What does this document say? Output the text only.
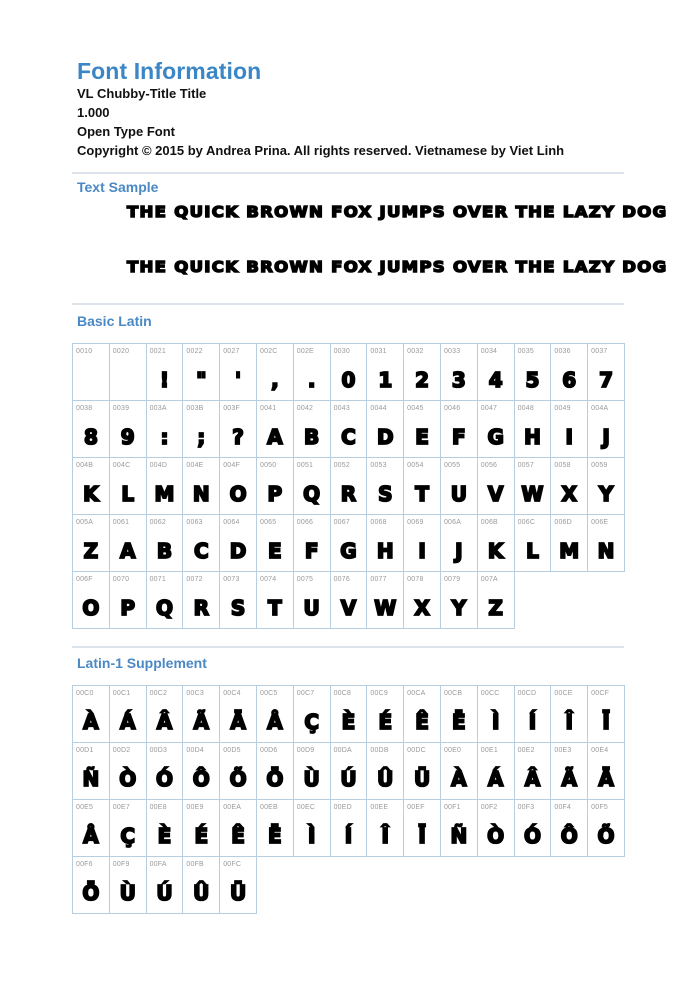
Font Information
VL Chubby-Title Title
1.000
Open Type Font
Copyright © 2015 by Andrea Prina. All rights reserved. Vietnamese by Viet Linh
Text Sample
THE QUICK BROWN FOX JUMPS OVER THE LAZY DOG
THE QUICK BROWN FOX JUMPS OVER THE LAZY DOG
Basic Latin
0010	0020	0021
!
0022
"
0027
'
002C
,
002E
.
0030
0
0031
1
0032
2
0033
3
0034
4
0035
5
0036
6
0037
7
0038
8
0039
9
003A
:
003B
;
003F
?
0041
A
0042
B
0043
C
0044
D
0045
E
0046
F
0047
G
0048
H
0049
I
004A
J
004B
K
004C
L
004D
M
004E
N
004F
O
0050
P
0051
Q
0052
R
0053
S
0054
T
0055
U
0056
V
0057
W
0058
X
0059
Y
005A
Z
0061
A
0062
B
0063
C
0064
D
0065
E
0066
F
0067
G
0068
H
0069
I
006A
J
006B
K
006C
L
006D
M
006E
N
006F
O
0070
P
0071
Q
0072
R
0073
S
0074
T
0075
U
0076
V
0077
W
0078
X
0079
Y
007A
Z
Latin-1 Supplement
00C0
À
00C1
Á
00C2
Â
00C3
Ã
00C4
Ä
00C5
Å
00C7
Ç
00C8
È
00C9
É
00CA
Ê
00CB
Ë
00CC
Ì
00CD
Í
00CE
Î
00CF
Ï
00D1
Ñ
00D2
Ò
00D3
Ó
00D4
Ô
00D5
Õ
00D6
Ö
00D9
Ù
00DA
Ú
00DB
Û
00DC
Ü
00E0
À
00E1
Á
00E2
Â
00E3
Ã
00E4
Ä
00E5
Å
00E7
Ç
00E8
È
00E9
É
00EA
Ê
00EB
Ë
00EC
Ì
00ED
Í
00EE
Î
00EF
Ï
00F1
Ñ
00F2
Ò
00F3
Ó
00F4
Ô
00F5
Õ
00F6
Ö
00F9
Ù
00FA
Ú
00FB
Û
00FC
Ü
